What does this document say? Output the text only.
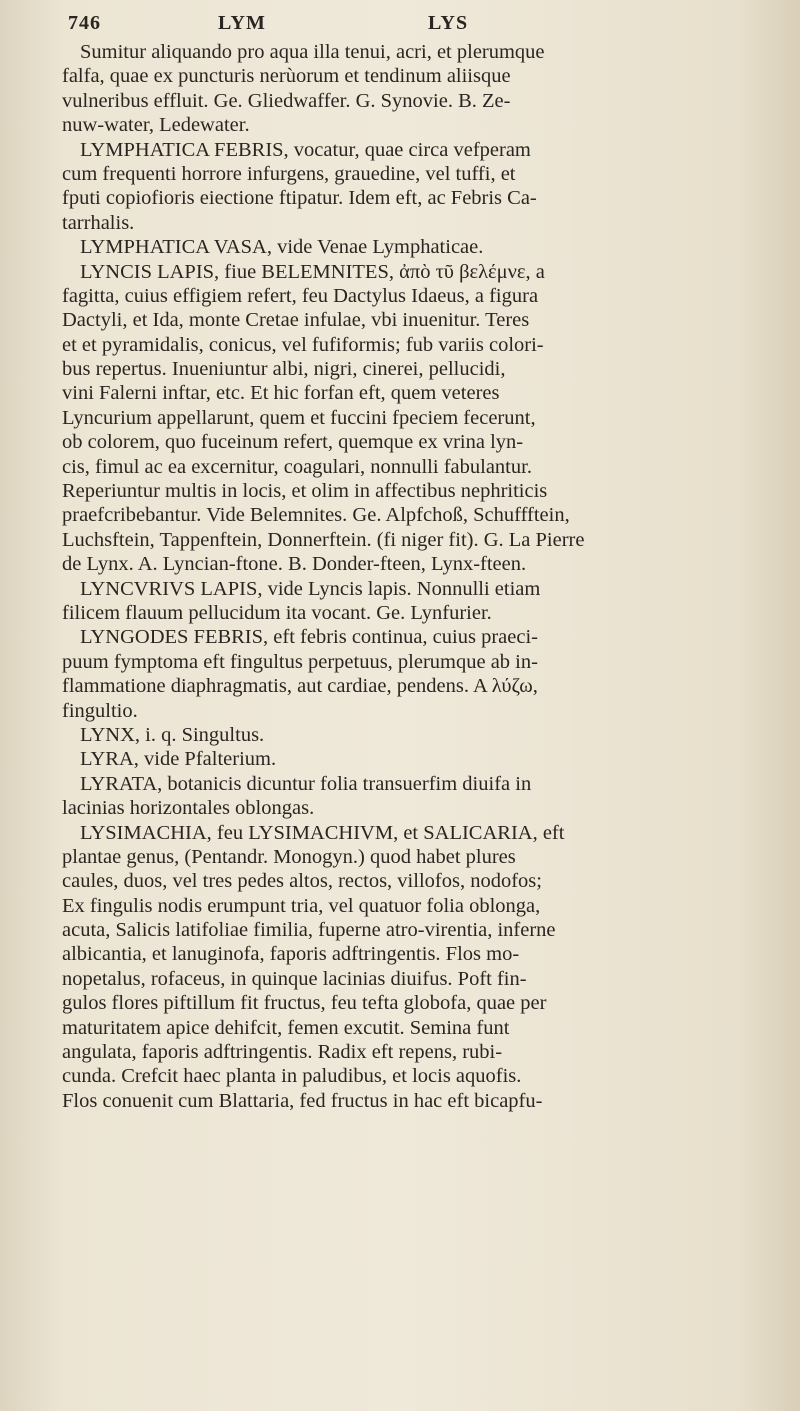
746	LYM	LYS
Sumitur aliquando pro aqua illa tenui, acri, et plerumque
falfa, quae ex puncturis nerùorum et tendinum aliisque
vulneribus effluit. Ge. Gliedwaffer. G. Synovie. B. Ze-
nuw-water, Ledewater.
LYMPHATICA FEBRIS, vocatur, quae circa vefperam
cum frequenti horrore infurgens, grauedine, vel tuffi, et
fputi copiofioris eiectione ftipatur. Idem eft, ac Febris Ca-
tarrhalis.
LYMPHATICA VASA, vide Venae Lymphaticae.
LYNCIS LAPIS, fiue BELEMNITES, ἀπὸ τῦ βελέμνε, a
fagitta, cuius effigiem refert, feu Dactylus Idaeus, a figura
Dactyli, et Ida, monte Cretae infulae, vbi inuenitur. Teres
et et pyramidalis, conicus, vel fufiformis; fub variis colori-
bus repertus. Inueniuntur albi, nigri, cinerei, pellucidi,
vini Falerni inftar, etc. Et hic forfan eft, quem veteres
Lyncurium appellarunt, quem et fuccini fpeciem fecerunt,
ob colorem, quo fuceinum refert, quemque ex vrina lyn-
cis, fimul ac ea excernitur, coagulari, nonnulli fabulantur.
Reperiuntur multis in locis, et olim in affectibus nephriticis
praefcribebantur. Vide Belemnites. Ge. Alpfchoß, Schuffftein,
Luchsftein, Tappenftein, Donnerftein. (fi niger fit). G. La Pierre
de Lynx. A. Lyncian-ftone. B. Donder-fteen, Lynx-fteen.
LYNCVRIVS LAPIS, vide Lyncis lapis. Nonnulli etiam
filicem flauum pellucidum ita vocant. Ge. Lynfurier.
LYNGODES FEBRIS, eft febris continua, cuius praeci-
puum fymptoma eft fingultus perpetuus, plerumque ab in-
flammatione diaphragmatis, aut cardiae, pendens. A λύζω,
fingultio.
LYNX, i. q. Singultus.
LYRA, vide Pfalterium.
LYRATA, botanicis dicuntur folia transuerfim diuifa in
lacinias horizontales oblongas.
LYSIMACHIA, feu LYSIMACHIVM, et SALICARIA, eft
plantae genus, (Pentandr. Monogyn.) quod habet plures
caules, duos, vel tres pedes altos, rectos, villofos, nodofos;
Ex fingulis nodis erumpunt tria, vel quatuor folia oblonga,
acuta, Salicis latifoliae fimilia, fuperne atro-virentia, inferne
albicantia, et lanuginofa, faporis adftringentis. Flos mo-
nopetalus, rofaceus, in quinque lacinias diuifus. Poft fin-
gulos flores piftillum fit fructus, feu tefta globofa, quae per
maturitatem apice dehifcit, femen excutit. Semina funt
angulata, faporis adftringentis. Radix eft repens, rubi-
cunda. Crefcit haec planta in paludibus, et locis aquofis.
Flos conuenit cum Blattaria, fed fructus in hac eft bicapfu-
